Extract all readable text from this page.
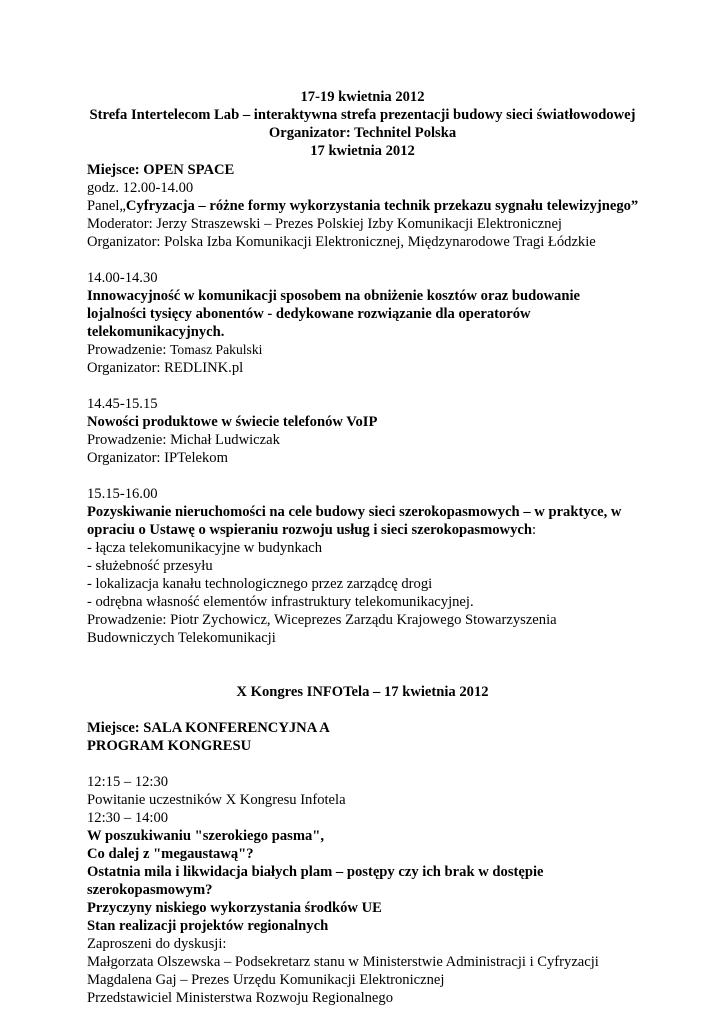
17-19 kwietnia 2012
Strefa Intertelecom Lab – interaktywna strefa prezentacji budowy sieci światłowodowej
Organizator: Technitel Polska
17 kwietnia 2012
Miejsce: OPEN SPACE
godz. 12.00-14.00
Panel„Cyfryzacja – różne formy wykorzystania technik przekazu sygnału telewizyjnego”
Moderator: Jerzy Straszewski – Prezes Polskiej Izby Komunikacji Elektronicznej
Organizator: Polska Izba Komunikacji Elektronicznej, Międzynarodowe Tragi Łódzkie
14.00-14.30
Innowacyjność w komunikacji sposobem na obniżenie kosztów oraz budowanie
lojalności tysięcy abonentów - dedykowane rozwiązanie dla operatorów
telekomunikacyjnych.
Prowadzenie: Tomasz Pakulski
Organizator: REDLINK.pl
14.45-15.15
Nowości produktowe w świecie telefonów VoIP
Prowadzenie: Michał Ludwiczak
Organizator: IPTelekom
15.15-16.00
Pozyskiwanie nieruchomości na cele budowy sieci szerokopasmowych – w praktyce, w
opraciu o Ustawę o wspieraniu rozwoju usług i sieci szerokopasmowych:
- łącza telekomunikacyjne w budynkach
- służebność przesyłu
- lokalizacja kanału technologicznego przez zarządcę drogi
- odrębna własność elementów infrastruktury telekomunikacyjnej.
Prowadzenie: Piotr Zychowicz, Wiceprezes Zarządu Krajowego Stowarzyszenia
Budowniczych Telekomunikacji
X Kongres INFOTela – 17 kwietnia 2012
Miejsce: SALA KONFERENCYJNA A
PROGRAM KONGRESU
12:15 – 12:30
Powitanie uczestników X Kongresu Infotela
12:30 – 14:00
W poszukiwaniu "szerokiego pasma",
Co dalej z "megaustawą"?
Ostatnia mila i likwidacja białych plam – postępy czy ich brak w dostępie
szerokopasmowym?
Przyczyny niskiego wykorzystania środków UE
Stan realizacji projektów regionalnych
Zaproszeni do dyskusji:
Małgorzata Olszewska – Podsekretarz stanu w Ministerstwie Administracji i Cyfryzacji
Magdalena Gaj – Prezes Urzędu Komunikacji Elektronicznej
Przedstawiciel Ministerstwa Rozwoju Regionalnego
